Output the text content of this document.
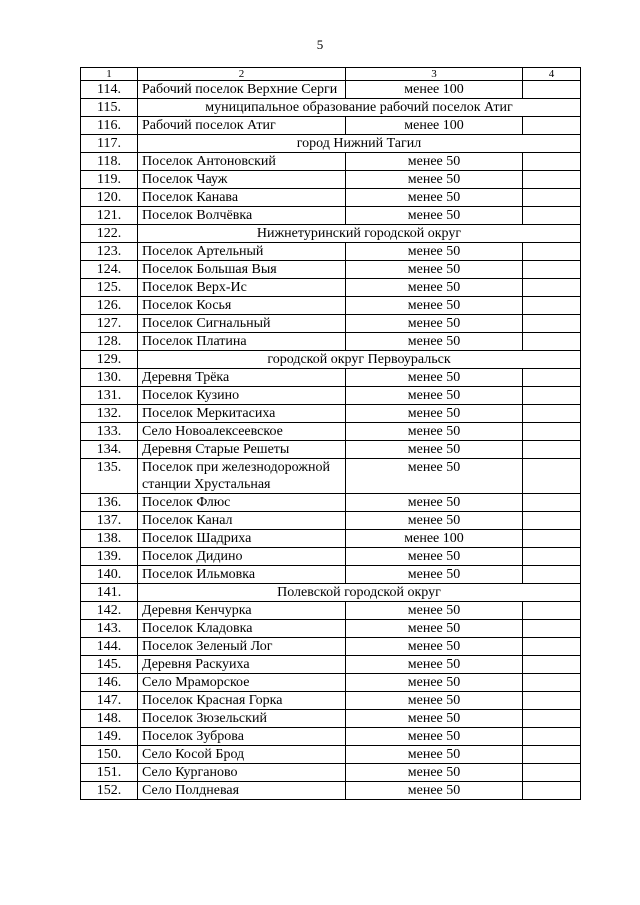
5
1	2	3	4
114.	Рабочий поселок Верхние Серги	менее 100	
115.	муниципальное образование рабочий поселок Атиг		
116.	Рабочий поселок Атиг	менее 100	
117.	город Нижний Тагил		
118.	Поселок Антоновский	менее 50	
119.	Поселок Чауж	менее 50	
120.	Поселок Канава	менее 50	
121.	Поселок Волчёвка	менее 50	
122.	Нижнетуринский городской округ		
123.	Поселок Артельный	менее 50	
124.	Поселок Большая Выя	менее 50	
125.	Поселок Верх-Ис	менее 50	
126.	Поселок Косья	менее 50	
127.	Поселок Сигнальный	менее 50	
128.	Поселок Платина	менее 50	
129.	городской округ Первоуральск		
130.	Деревня Трёка	менее 50	
131.	Поселок Кузино	менее 50	
132.	Поселок Меркитасиха	менее 50	
133.	Село Новоалексеевское	менее 50	
134.	Деревня Старые Решеты	менее 50	
135.	Поселок при железнодорожной станции Хрустальная	менее 50	
136.	Поселок Флюс	менее 50	
137.	Поселок Канал	менее 50	
138.	Поселок Шадриха	менее 100	
139.	Поселок Дидино	менее 50	
140.	Поселок Ильмовка	менее 50	
141.	Полевской городской округ		
142.	Деревня Кенчурка	менее 50	
143.	Поселок Кладовка	менее 50	
144.	Поселок Зеленый Лог	менее 50	
145.	Деревня Раскуиха	менее 50	
146.	Село Мраморское	менее 50	
147.	Поселок Красная Горка	менее 50	
148.	Поселок Зюзельский	менее 50	
149.	Поселок Зуброва	менее 50	
150.	Село Косой Брод	менее 50	
151.	Село Курганово	менее 50	
152.	Село Полдневая	менее 50	
